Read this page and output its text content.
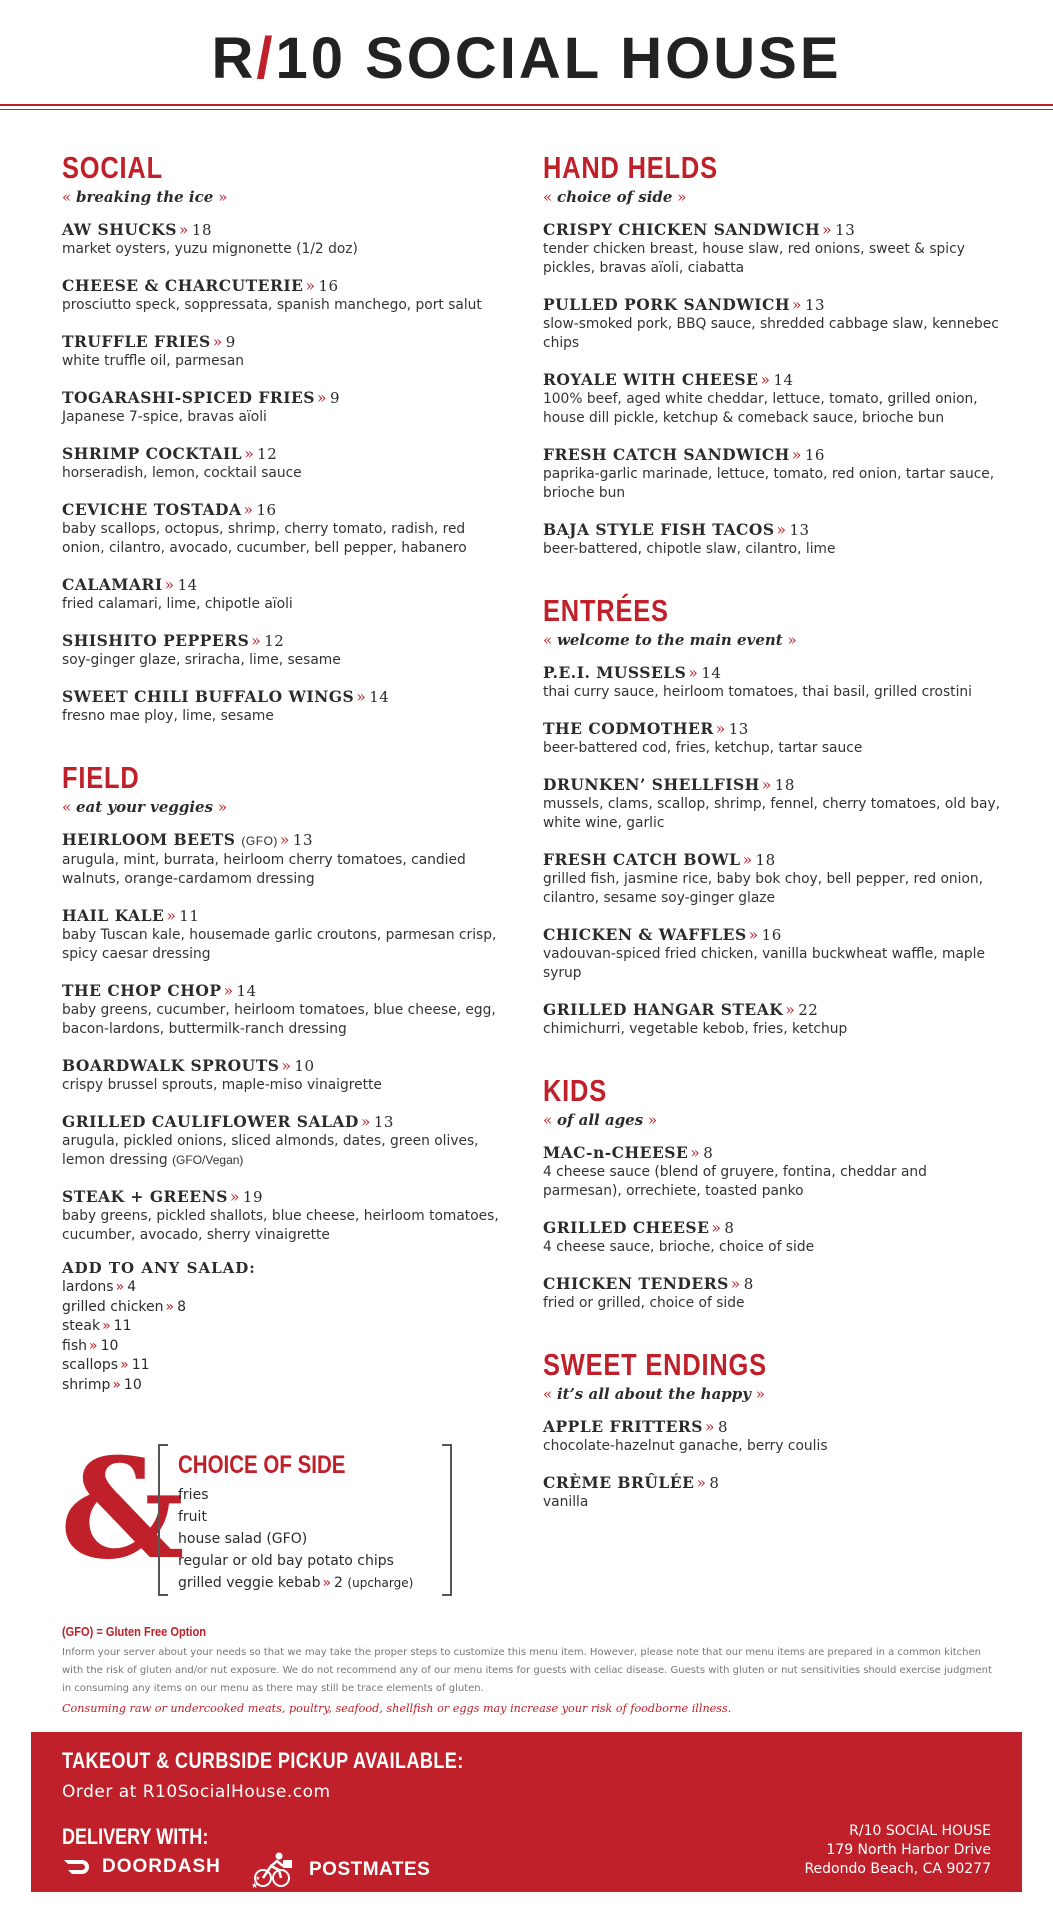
R/10 SOCIAL HOUSE
SOCIAL
« breaking the ice »
AW SHUCKS » 18
market oysters, yuzu mignonette (1/2 doz)
CHEESE & CHARCUTERIE » 16
prosciutto speck, soppressata, spanish manchego, port salut
TRUFFLE FRIES » 9
white truffle oil, parmesan
TOGARASHI-SPICED FRIES » 9
Japanese 7-spice, bravas aïoli
SHRIMP COCKTAIL » 12
horseradish, lemon, cocktail sauce
CEVICHE TOSTADA » 16
baby scallops, octopus, shrimp, cherry tomato, radish, red onion, cilantro, avocado, cucumber, bell pepper, habanero
CALAMARI » 14
fried calamari, lime, chipotle aïoli
SHISHITO PEPPERS » 12
soy-ginger glaze, sriracha, lime, sesame
SWEET CHILI BUFFALO WINGS » 14
fresno mae ploy, lime, sesame
FIELD
« eat your veggies »
HEIRLOOM BEETS (GFO) » 13
arugula, mint, burrata, heirloom cherry tomatoes, candied walnuts, orange-cardamom dressing
HAIL KALE » 11
baby Tuscan kale, housemade garlic croutons, parmesan crisp, spicy caesar dressing
THE CHOP CHOP » 14
baby greens, cucumber, heirloom tomatoes, blue cheese, egg, bacon-lardons, buttermilk-ranch dressing
BOARDWALK SPROUTS » 10
crispy brussel sprouts, maple-miso vinaigrette
GRILLED CAULIFLOWER SALAD » 13
arugula, pickled onions, sliced almonds, dates, green olives, lemon dressing (GFO/Vegan)
STEAK + GREENS » 19
baby greens, pickled shallots, blue cheese, heirloom tomatoes, cucumber, avocado, sherry vinaigrette
ADD TO ANY SALAD:
lardons » 4
grilled chicken » 8
steak » 11
fish » 10
scallops » 11
shrimp » 10
&
CHOICE OF SIDE
fries
fruit
house salad (GFO)
regular or old bay potato chips
grilled veggie kebab » 2 (upcharge)
HAND HELDS
« choice of side »
CRISPY CHICKEN SANDWICH » 13
tender chicken breast, house slaw, red onions, sweet & spicy pickles, bravas aïoli, ciabatta
PULLED PORK SANDWICH » 13
slow-smoked pork, BBQ sauce, shredded cabbage slaw, kennebec chips
ROYALE WITH CHEESE » 14
100% beef, aged white cheddar, lettuce, tomato, grilled onion, house dill pickle, ketchup & comeback sauce, brioche bun
FRESH CATCH SANDWICH » 16
paprika-garlic marinade, lettuce, tomato, red onion, tartar sauce, brioche bun
BAJA STYLE FISH TACOS » 13
beer-battered, chipotle slaw, cilantro, lime
ENTRÉES
« welcome to the main event »
P.E.I. MUSSELS » 14
thai curry sauce, heirloom tomatoes, thai basil, grilled crostini
THE CODMOTHER » 13
beer-battered cod, fries, ketchup, tartar sauce
DRUNKEN’ SHELLFISH » 18
mussels, clams, scallop, shrimp, fennel, cherry tomatoes, old bay, white wine, garlic
FRESH CATCH BOWL » 18
grilled fish, jasmine rice, baby bok choy, bell pepper, red onion, cilantro, sesame soy-ginger glaze
CHICKEN & WAFFLES » 16
vadouvan-spiced fried chicken, vanilla buckwheat waffle, maple syrup
GRILLED HANGAR STEAK » 22
chimichurri, vegetable kebob, fries, ketchup
KIDS
« of all ages »
MAC-n-CHEESE » 8
4 cheese sauce (blend of gruyere, fontina, cheddar and parmesan), orrechiete, toasted panko
GRILLED CHEESE » 8
4 cheese sauce, brioche, choice of side
CHICKEN TENDERS » 8
fried or grilled, choice of side
SWEET ENDINGS
« it’s all about the happy »
APPLE FRITTERS » 8
chocolate-hazelnut ganache, berry coulis
CRÈME BRÛLÉE » 8
vanilla
(GFO) = Gluten Free Option
Inform your server about your needs so that we may take the proper steps to customize this menu item. However, please note that our menu items are prepared in a common kitchen with the risk of gluten and/or nut exposure. We do not recommend any of our menu items for guests with celiac disease. Guests with gluten or nut sensitivities should exercise judgment in consuming any items on our menu as there may still be trace elements of gluten.
Consuming raw or undercooked meats, poultry, seafood, shellfish or eggs may increase your risk of foodborne illness.
TAKEOUT & CURBSIDE PICKUP AVAILABLE:
Order at R10SocialHouse.com
DELIVERY WITH:
DOORDASH
★
★	POSTMATES
R/10 SOCIAL HOUSE
179 North Harbor Drive
Redondo Beach, CA 90277
